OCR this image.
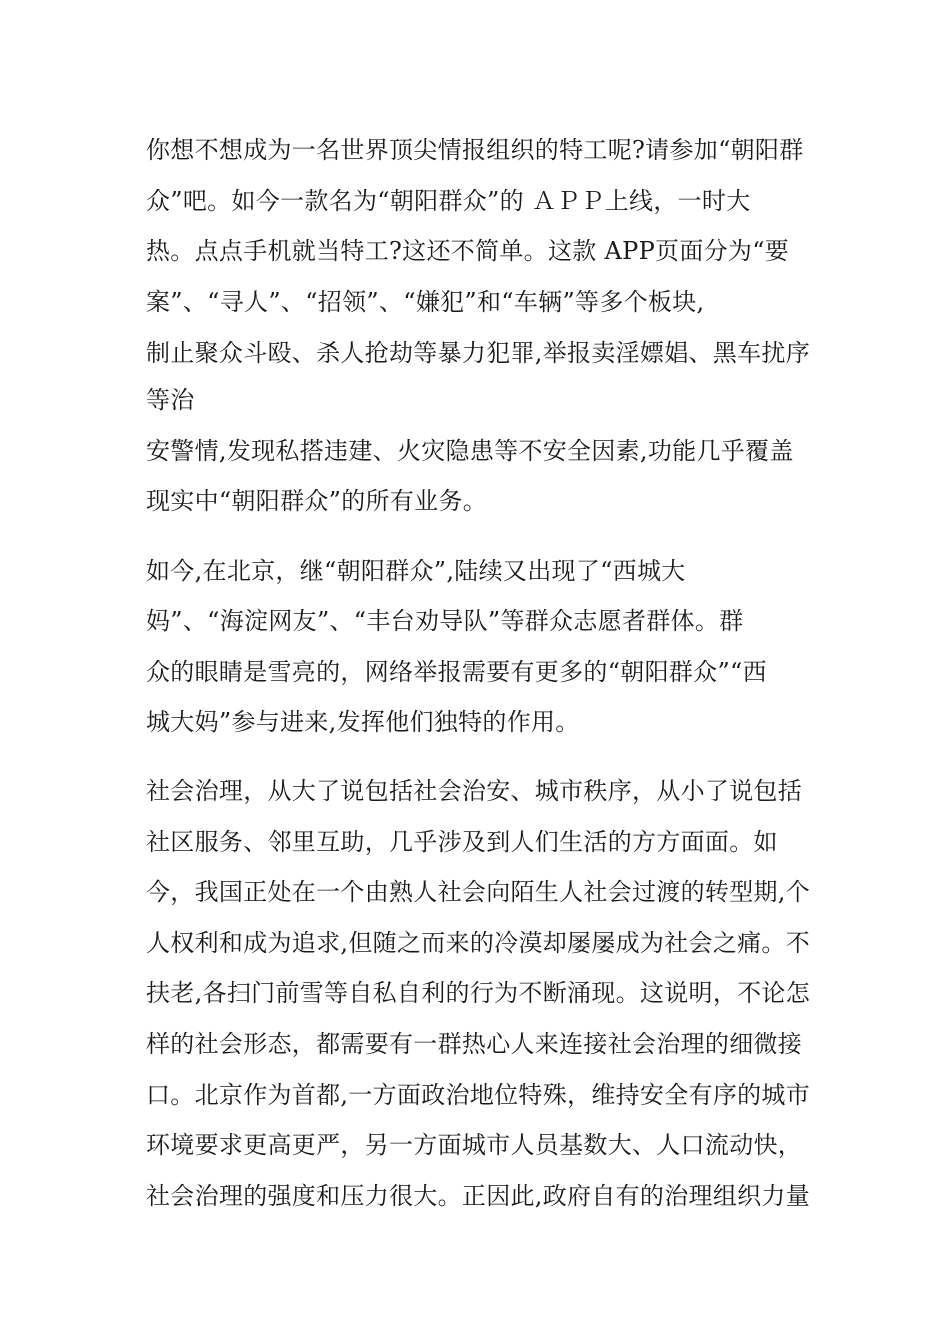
你想不想成为一名世界顶尖情报组织的特工呢?请参加“朝阳群

众”吧。如今一款名为“朝阳群众”的 ＡＰＰ上线，一时大

热。点点手机就当特工?这还不简单。这款 APP页面分为“要

案”、“寻人”、“招领”、“嫌犯”和“车辆”等多个板块,

制止聚众斗殴、杀人抢劫等暴力犯罪,举报卖淫嫖娼、黑车扰序

等治

安警情,发现私搭违建、火灾隐患等不安全因素,功能几乎覆盖

现实中“朝阳群众”的所有业务。

如今,在北京，继“朝阳群众”,陆续又出现了“西城大

妈”、“海淀网友”、“丰台劝导队”等群众志愿者群体。群

众的眼睛是雪亮的，网络举报需要有更多的“朝阳群众”“西

城大妈”参与进来,发挥他们独特的作用。

社会治理，从大了说包括社会治安、城市秩序，从小了说包括

社区服务、邻里互助，几乎涉及到人们生活的方方面面。如

今，我国正处在一个由熟人社会向陌生人社会过渡的转型期,个

人权利和成为追求,但随之而来的冷漠却屡屡成为社会之痛。不

扶老,各扫门前雪等自私自利的行为不断涌现。这说明，不论怎

样的社会形态，都需要有一群热心人来连接社会治理的细微接

口。北京作为首都,一方面政治地位特殊，维持安全有序的城市

环境要求更高更严，另一方面城市人员基数大、人口流动快，

社会治理的强度和压力很大。正因此,政府自有的治理组织力量
